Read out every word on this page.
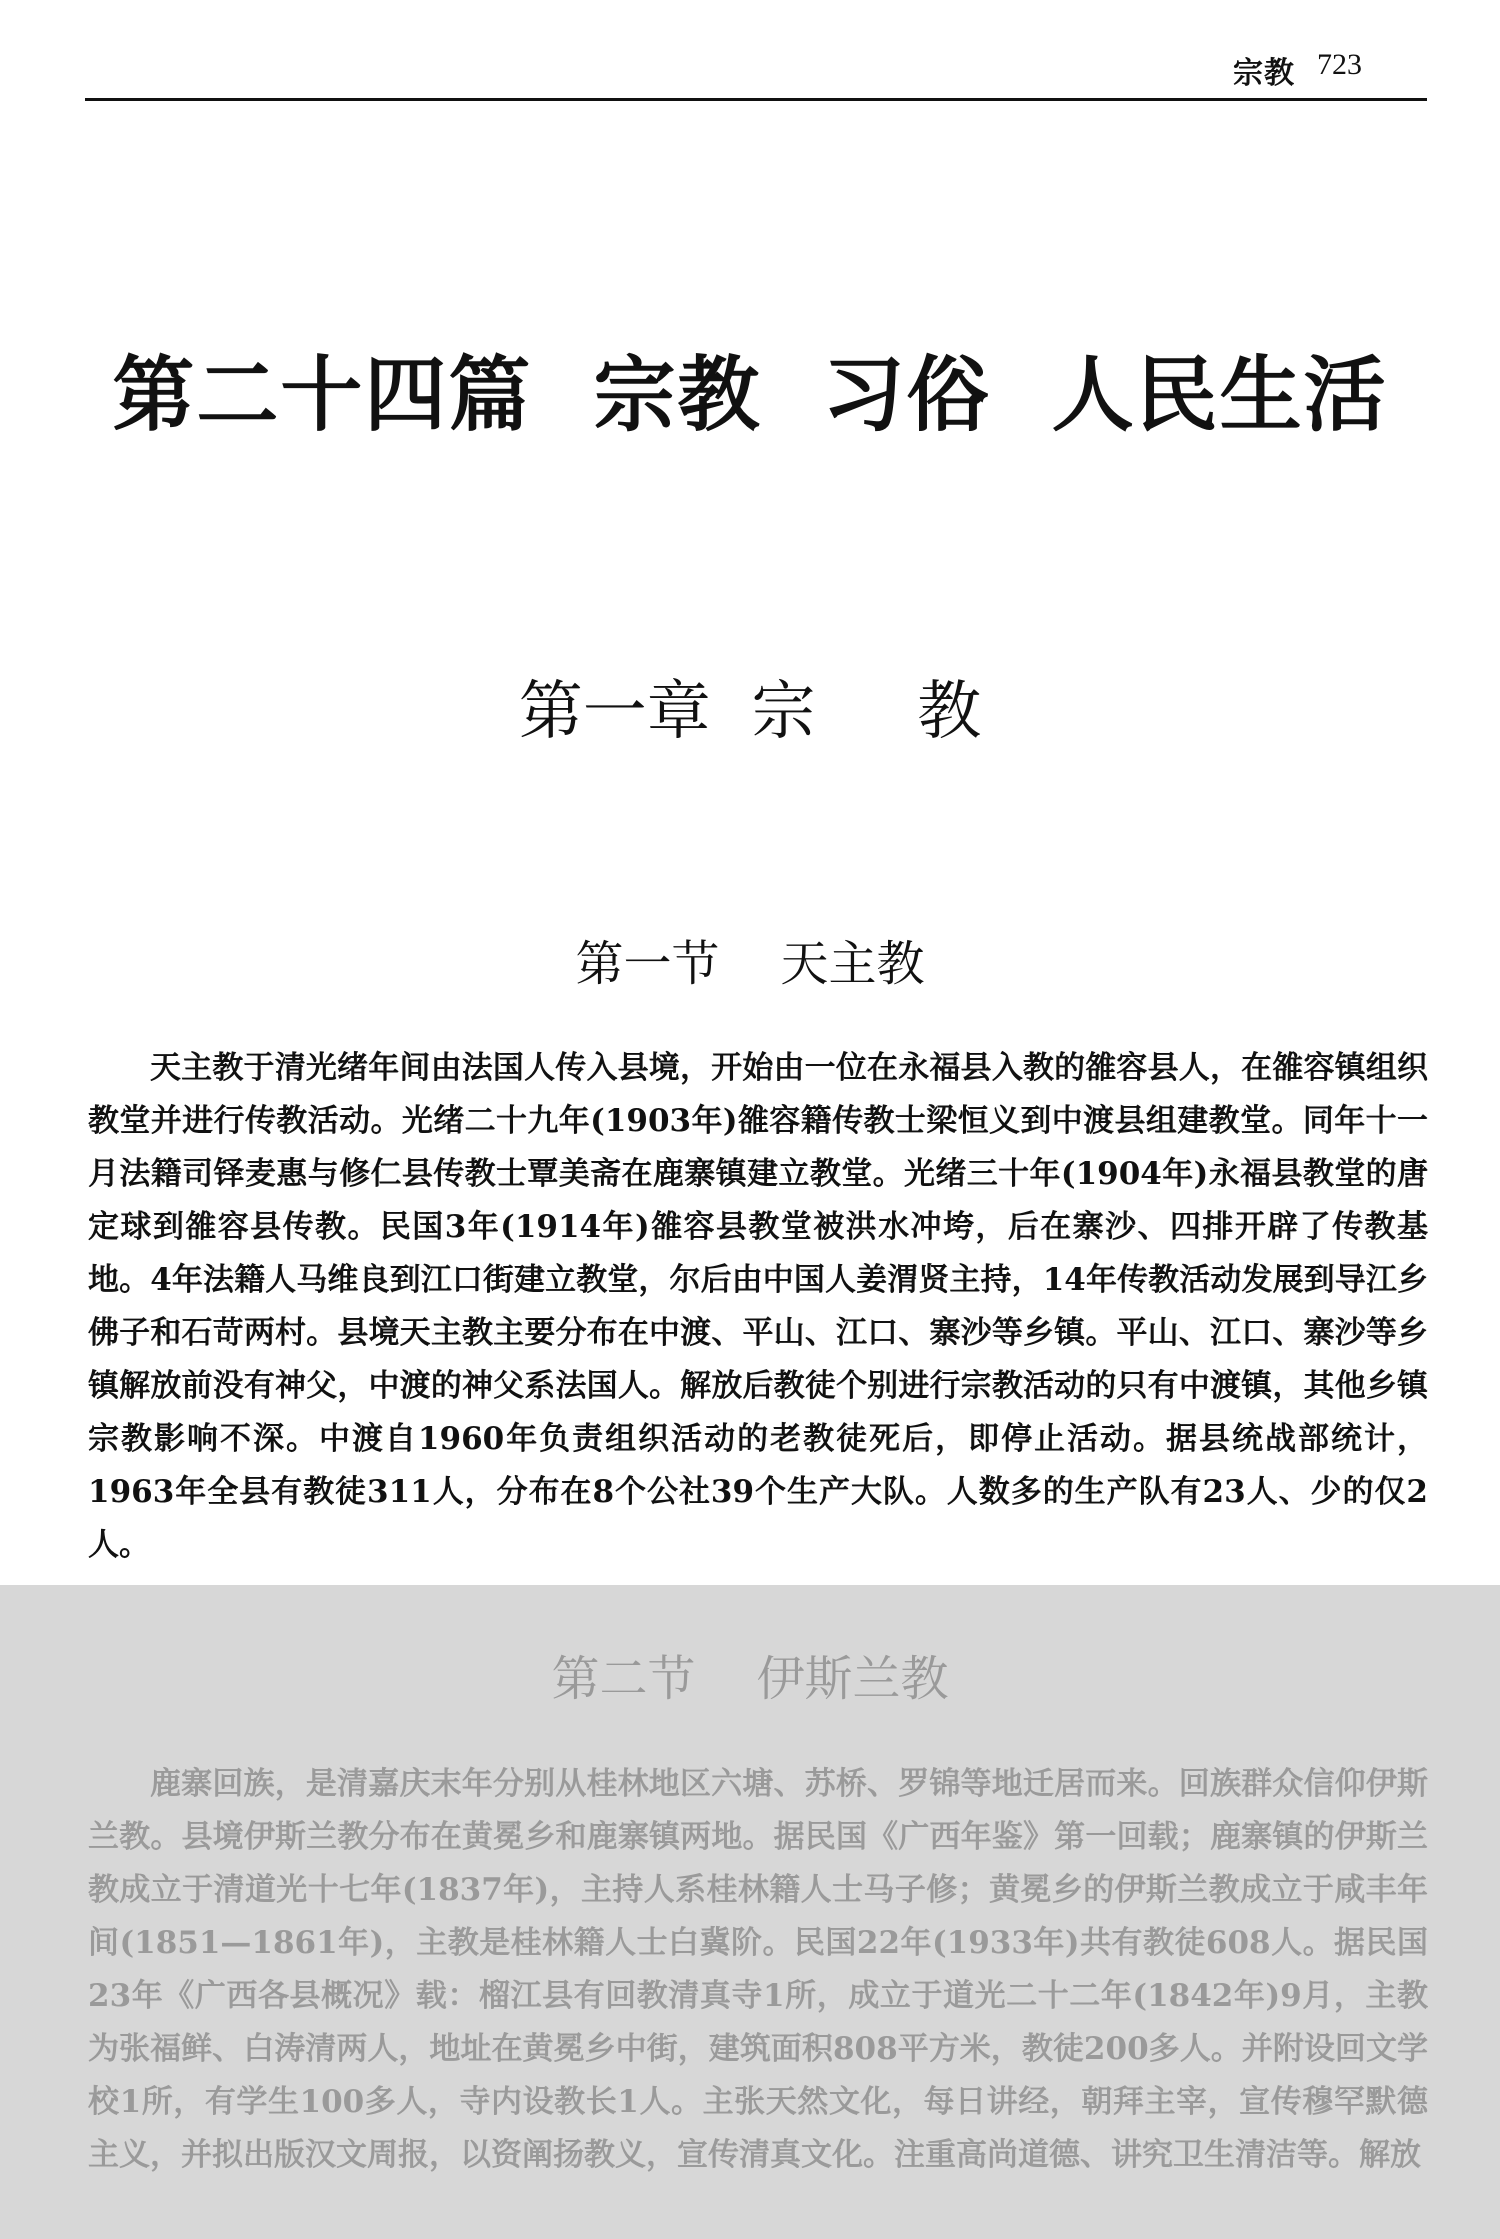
宗教 723
第二十四篇  宗教  习俗  人民生活
第一章  宗     教
第一节    天主教

天主教于清光绪年间由法国人传入县境，开始由一位在永福县入教的雒容县人，在雒容镇组织教堂并进行传教活动。光绪二十九年(1903年)雒容籍传教士梁恒义到中渡县组建教堂。同年十一月法籍司铎麦惠与修仁县传教士覃美斋在鹿寨镇建立教堂。光绪三十年(1904年)永福县教堂的唐定球到雒容县传教。民国3年(1914年)雒容县教堂被洪水冲垮，后在寨沙、四排开辟了传教基地。4年法籍人马维良到江口街建立教堂，尔后由中国人姜渭贤主持，14年传教活动发展到导江乡佛子和石苛两村。县境天主教主要分布在中渡、平山、江口、寨沙等乡镇。平山、江口、寨沙等乡镇解放前没有神父，中渡的神父系法国人。解放后教徒个别进行宗教活动的只有中渡镇，其他乡镇宗教影响不深。中渡自1960年负责组织活动的老教徒死后，即停止活动。据县统战部统计，1963年全县有教徒311人，分布在8个公社39个生产大队。人数多的生产队有23人、少的仅2人。

第二节    伊斯兰教

鹿寨回族，是清嘉庆末年分别从桂林地区六塘、苏桥、罗锦等地迁居而来。回族群众信仰伊斯兰教。县境伊斯兰教分布在黄冕乡和鹿寨镇两地。据民国《广西年鉴》第一回载；鹿寨镇的伊斯兰教成立于清道光十七年(1837年)，主持人系桂林籍人士马子修；黄冕乡的伊斯兰教成立于咸丰年间(1851—1861年)，主教是桂林籍人士白冀阶。民国22年(1933年)共有教徒608人。据民国23年《广西各县概况》载：榴江县有回教清真寺1所，成立于道光二十二年(1842年)9月，主教为张福鲜、白涛清两人，地址在黄冕乡中街，建筑面积808平方米，教徒200多人。并附设回文学校1所，有学生100多人，寺内设教长1人。主张天然文化，每日讲经，朝拜主宰，宣传穆罕默德主义，并拟出版汉文周报，以资阐扬教义，宣传清真文化。注重高尚道德、讲究卫生清洁等。解放
